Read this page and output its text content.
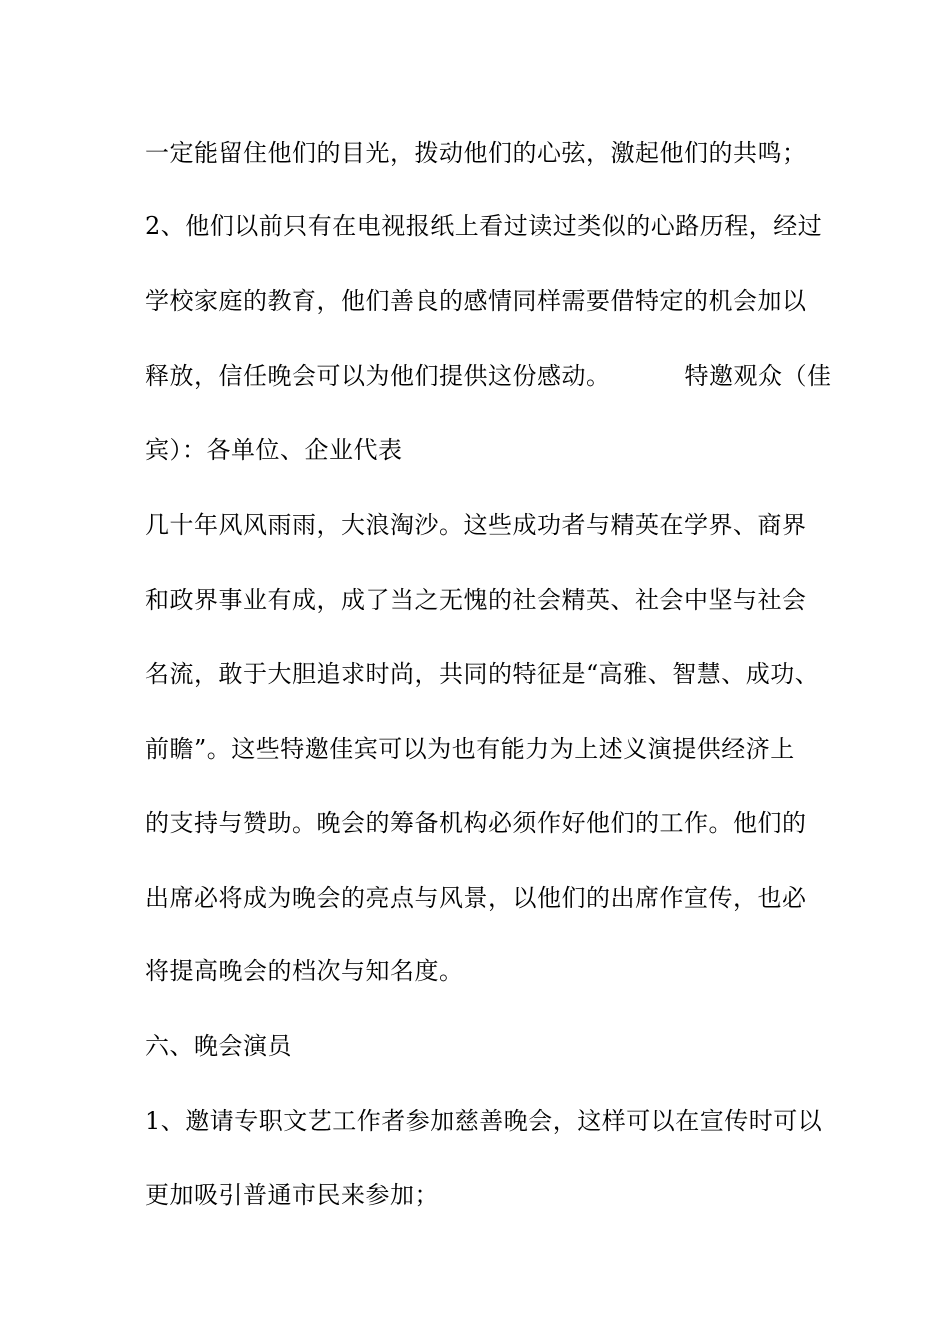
一定能留住他们的目光，拨动他们的心弦，激起他们的共鸣；
2、他们以前只有在电视报纸上看过读过类似的心路历程，经过
学校家庭的教育，他们善良的感情同样需要借特定的机会加以
释放，信任晚会可以为他们提供这份感动。	特邀观众（佳
宾）：各单位、企业代表
几十年风风雨雨，大浪淘沙。这些成功者与精英在学界、商界
和政界事业有成，成了当之无愧的社会精英、社会中坚与社会
名流，敢于大胆追求时尚，共同的特征是“高雅、智慧、成功、
前瞻”。这些特邀佳宾可以为也有能力为上述义演提供经济上
的支持与赞助。晚会的筹备机构必须作好他们的工作。他们的
出席必将成为晚会的亮点与风景，以他们的出席作宣传，也必
将提高晚会的档次与知名度。
六、晚会演员
1、邀请专职文艺工作者参加慈善晚会，这样可以在宣传时可以
更加吸引普通市民来参加；
